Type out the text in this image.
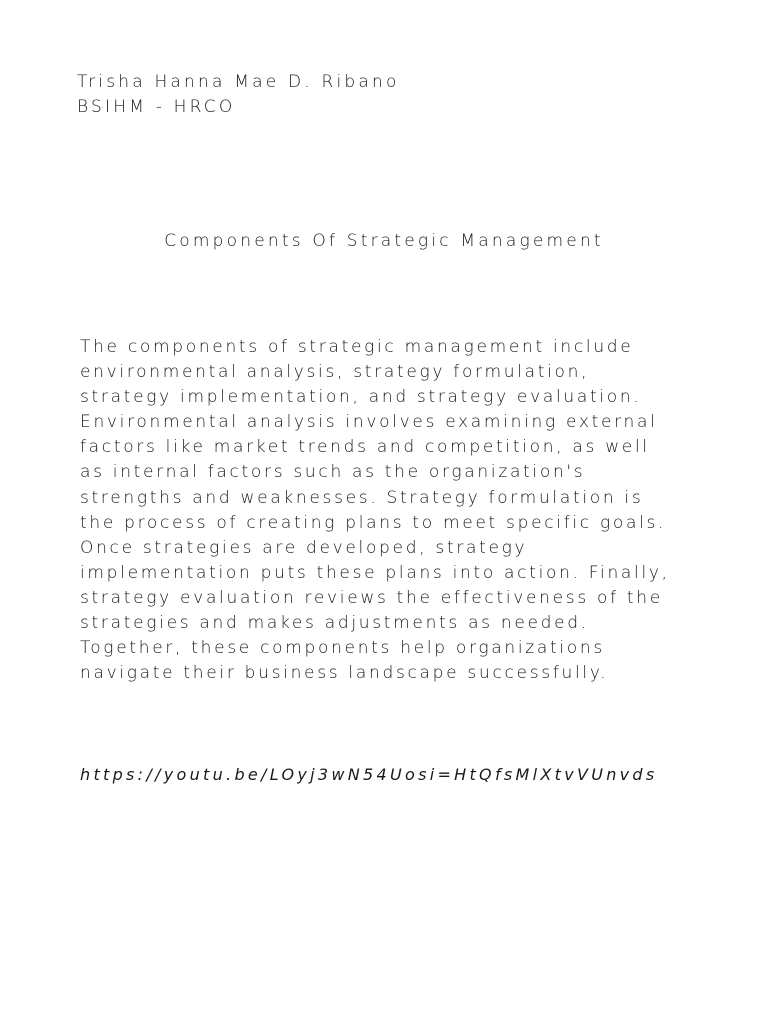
Trisha Hanna Mae D. Ribano
BSIHM - HRCO
Components Of Strategic Management
The components of strategic management include
environmental analysis, strategy formulation,
strategy implementation, and strategy evaluation.
Environmental analysis involves examining external
factors like market trends and competition, as well
as internal factors such as the organization's
strengths and weaknesses. Strategy formulation is
the process of creating plans to meet specific goals.
Once strategies are developed, strategy
implementation puts these plans into action. Finally,
strategy evaluation reviews the effectiveness of the
strategies and makes adjustments as needed.
Together, these components help organizations
navigate their business landscape successfully.
https://youtu.be/LOyj3wN54Uosi=HtQfsMlXtvVUnvds
